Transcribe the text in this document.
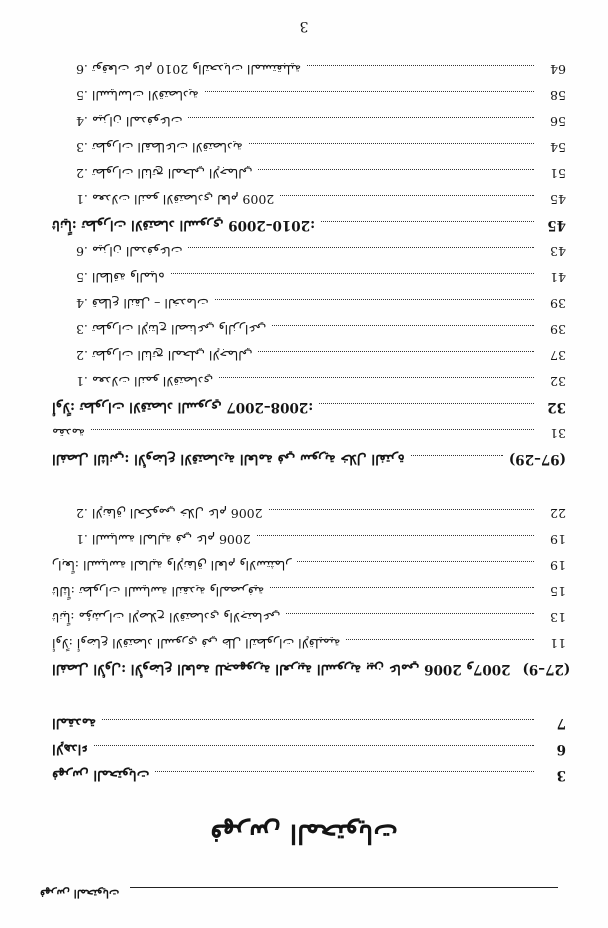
فهرس المحتويات
فهرس المحتويات
فهرس المحتويات	3
الإهداء	6
المقدمة	7
الفصل الأول: الأوضاع العامة للجمهورية العربية السورية بين عامي 2006 و2007	(9–27)
أولاً: أوضاع الاقتصاد السوري في ظل التطورات الإقليمية	11
ثانياً: مؤشرات الإصلاح الاقتصادي والاجتماعي	13
ثالثاً: تطورات السياسة النقدية والمصرفية	15
رابعاً: السياسة المالية والإنفاق العام والاستثمار	19
1. السياسة المالية في عام 2006	19
2. الإنفاق الحكومي خلال عام 2006	22
الفصل الثاني: الأوضاع الاقتصادية العامة في سورية خلال الفترة	(29–97)
مقدمة	31
أولاً: تطورات الاقتصاد السوري 2007–2008:	32
1. معدلات النمو الاقتصادي	32
2. تطورات الناتج المحلي الإجمالي	37
3. تطورات الإنتاج الصناعي والزراعي	39
4. قطاع النقل – الخدمات	39
5. الطاقة والمياه	41
6. ميزان المدفوعات	43
ثانياً: تطورات الاقتصاد السوري 2009–2010:	45
1. معدلات النمو الاقتصادي لعام 2009	45
2. تطورات الناتج المحلي الإجمالي	51
3. تطورات القطاعات الاقتصادية	54
4. ميزان المدفوعات	56
5. السياسات الاقتصادية	58
6. توقعات عام 2010 والتحديات المستقبلية	64
3
